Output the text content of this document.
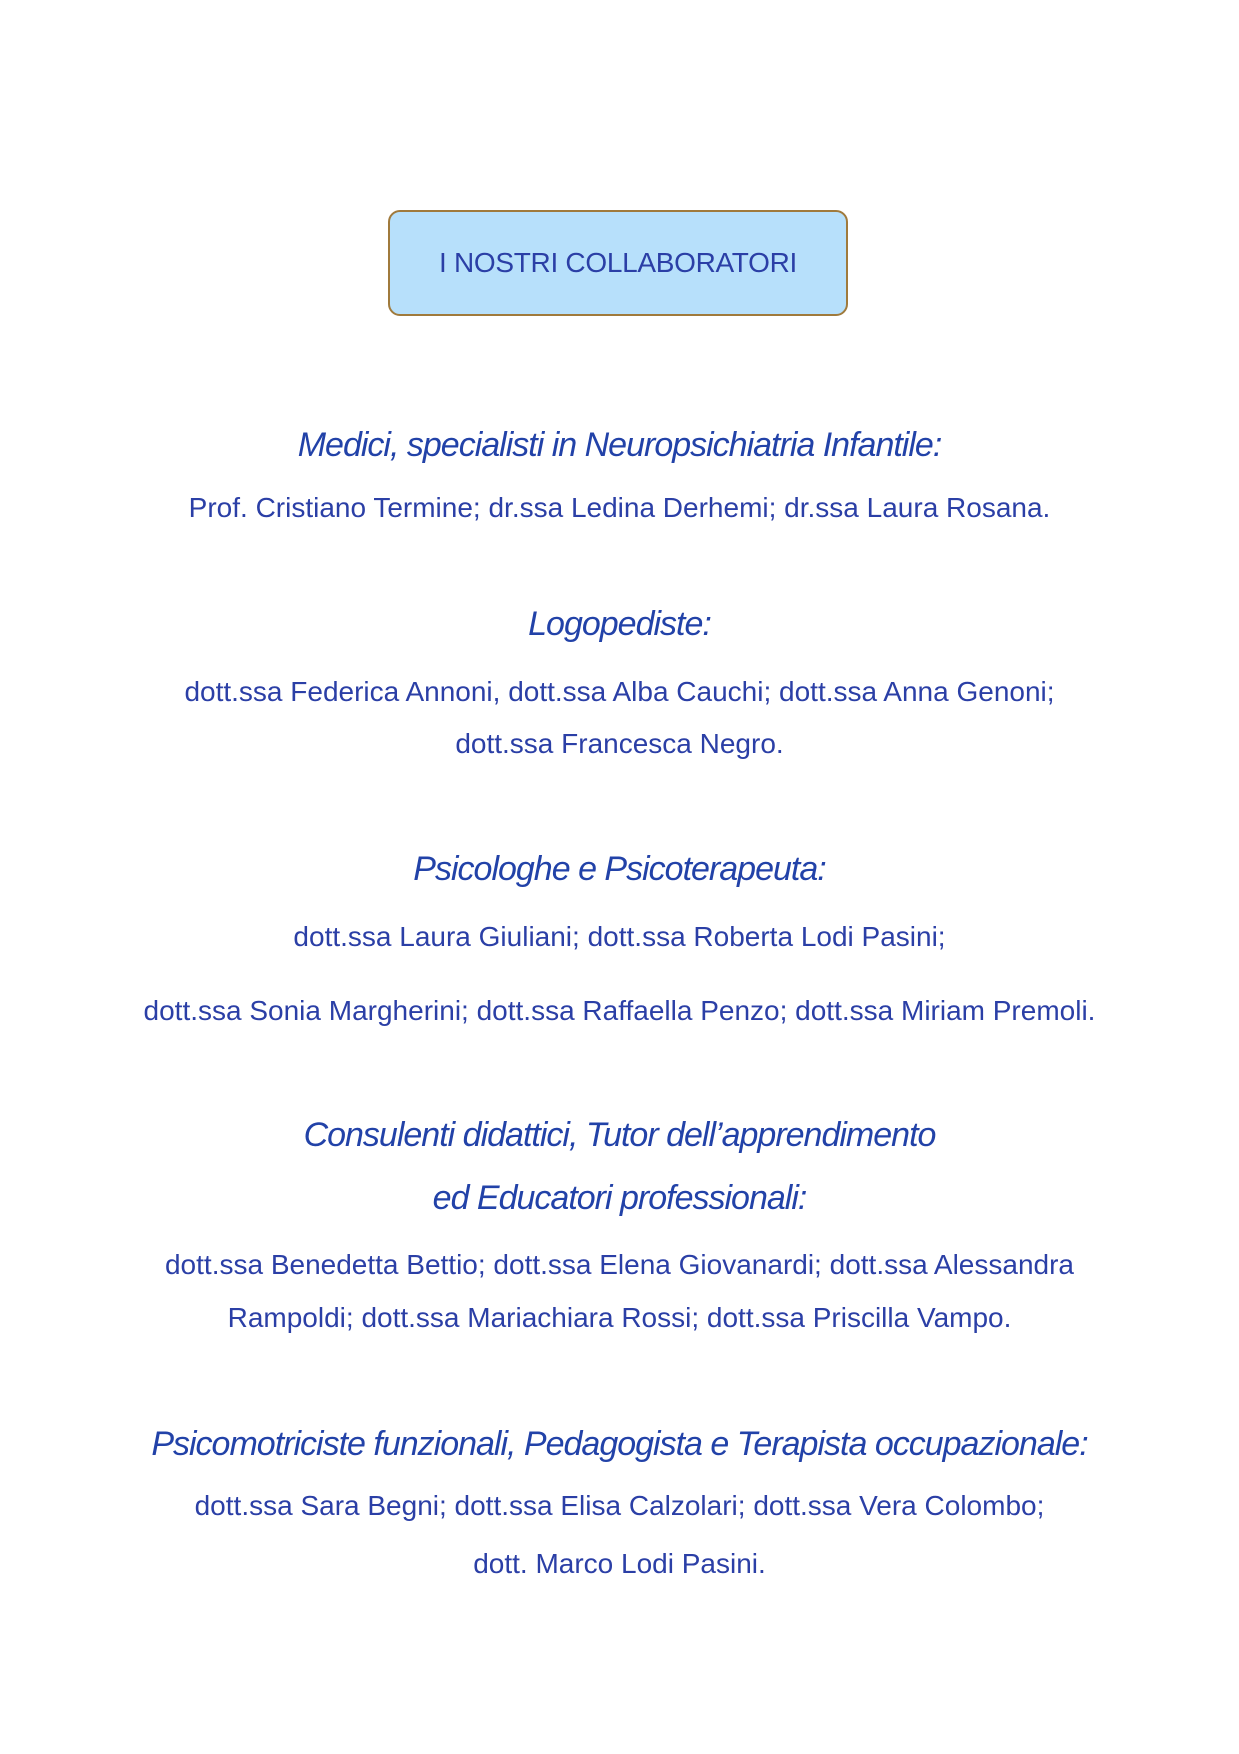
I NOSTRI COLLABORATORI
Medici, specialisti in Neuropsichiatria Infantile:
Prof. Cristiano Termine; dr.ssa Ledina Derhemi; dr.ssa Laura Rosana.
Logopediste:
dott.ssa Federica Annoni, dott.ssa Alba Cauchi; dott.ssa Anna Genoni;
dott.ssa Francesca Negro.
Psicologhe e Psicoterapeuta:
dott.ssa Laura Giuliani; dott.ssa Roberta Lodi Pasini;
dott.ssa Sonia Margherini; dott.ssa Raffaella Penzo; dott.ssa Miriam Premoli.
Consulenti didattici, Tutor dell’apprendimento
ed Educatori professionali:
dott.ssa Benedetta Bettio; dott.ssa Elena Giovanardi; dott.ssa Alessandra
Rampoldi; dott.ssa Mariachiara Rossi; dott.ssa Priscilla Vampo.
Psicomotriciste funzionali, Pedagogista e Terapista occupazionale:
dott.ssa Sara Begni; dott.ssa Elisa Calzolari; dott.ssa Vera Colombo;
dott. Marco Lodi Pasini.
